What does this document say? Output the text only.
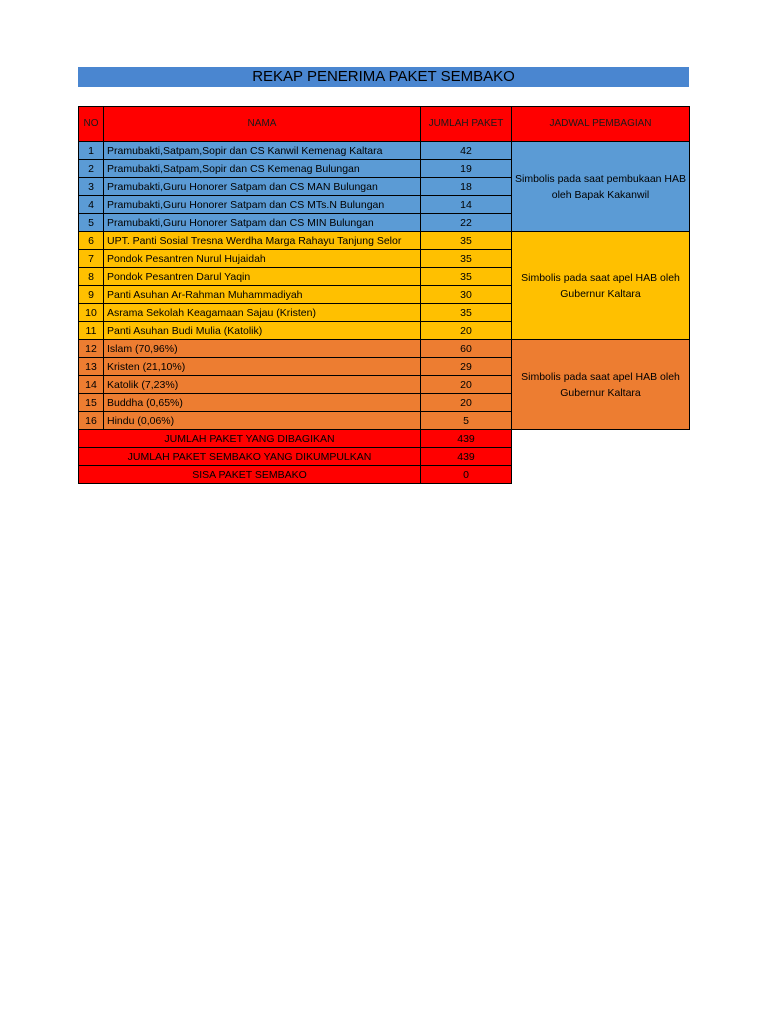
REKAP PENERIMA PAKET SEMBAKO
NO	NAMA	JUMLAH PAKET	JADWAL PEMBAGIAN
1	Pramubakti,Satpam,Sopir dan CS Kanwil Kemenag Kaltara	42	Simbolis pada saat pembukaan HAB oleh Bapak Kakanwil
2	Pramubakti,Satpam,Sopir dan CS Kemenag Bulungan	19	
3	Pramubakti,Guru Honorer Satpam dan CS MAN Bulungan	18	
4	Pramubakti,Guru Honorer Satpam dan CS MTs.N Bulungan	14	
5	Pramubakti,Guru Honorer Satpam dan CS MIN Bulungan	22	
6	UPT. Panti Sosial Tresna Werdha Marga Rahayu Tanjung Selor	35	Simbolis pada saat apel HAB oleh Gubernur Kaltara
7	Pondok Pesantren Nurul Hujaidah	35	
8	Pondok Pesantren Darul Yaqin	35	
9	Panti Asuhan Ar-Rahman Muhammadiyah	30	
10	Asrama Sekolah Keagamaan Sajau (Kristen)	35	
11	Panti Asuhan Budi Mulia (Katolik)	20	
12	Islam (70,96%)	60	Simbolis pada saat apel HAB oleh Gubernur Kaltara
13	Kristen (21,10%)	29	
14	Katolik (7,23%)	20	
15	Buddha (0,65%)	20	
16	Hindu (0,06%)	5	
JUMLAH PAKET YANG DIBAGIKAN		439	
JUMLAH PAKET SEMBAKO YANG DIKUMPULKAN		439	
SISA PAKET SEMBAKO		0	
